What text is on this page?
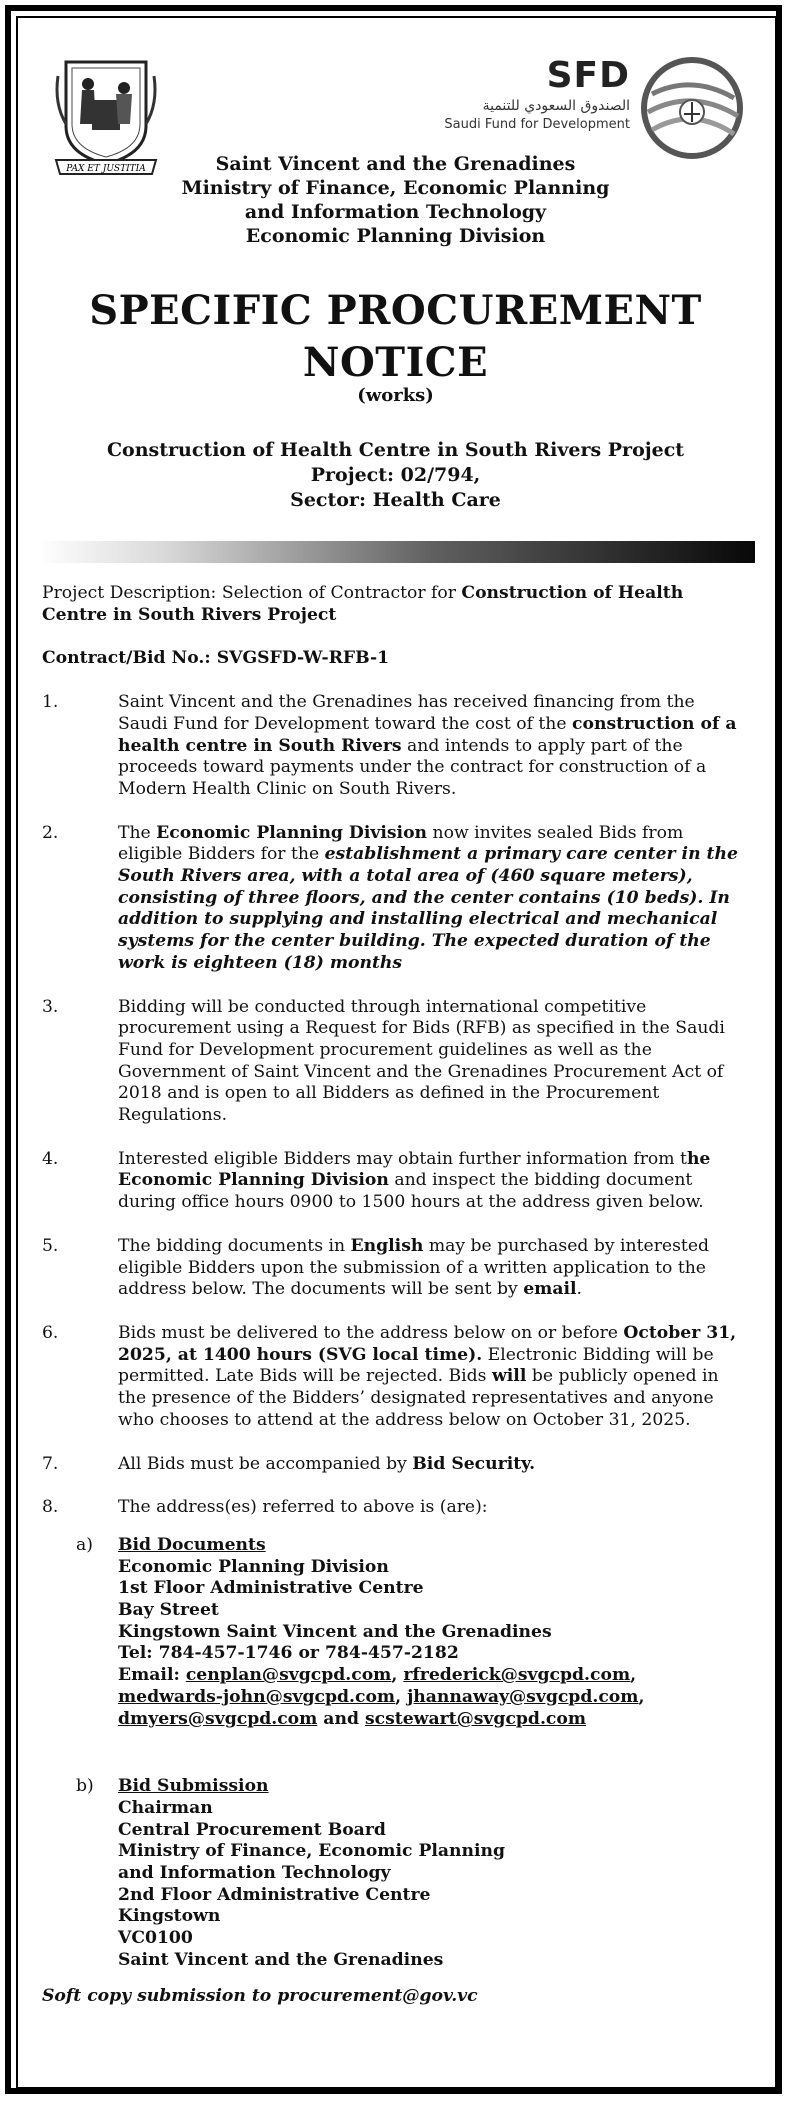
PAX ET JUSTITIA
SFD
الصندوق السعودي للتنمية
Saudi Fund for Development
Saint Vincent and the Grenadines
Ministry of Finance, Economic Planning
and Information Technology
Economic Planning Division
SPECIFIC PROCUREMENT
NOTICE
(works)
Construction of Health Centre in South Rivers Project
Project: 02/794,
Sector: Health Care

Project Description: Selection of Contractor for Construction of Health Centre in South Rivers Project

Contract/Bid No.: SVGSFD-W-RFB-1

1.	Saint Vincent and the Grenadines has received financing from the Saudi Fund for Development toward the cost of the construction of a health centre in South Rivers and intends to apply part of the proceeds toward payments under the contract for construction of a Modern Health Clinic on South Rivers.
2.	The Economic Planning Division now invites sealed Bids from eligible Bidders for the establishment a primary care center in the South Rivers area, with a total area of (460 square meters), consisting of three floors, and the center contains (10 beds). In addition to supplying and installing electrical and mechanical systems for the center building. The expected duration of the work is eighteen (18) months
3.	Bidding will be conducted through international competitive procurement using a Request for Bids (RFB) as specified in the Saudi Fund for Development procurement guidelines as well as the Government of Saint Vincent and the Grenadines Procurement Act of 2018 and is open to all Bidders as defined in the Procurement Regulations.
4.	Interested eligible Bidders may obtain further information from the Economic Planning Division and inspect the bidding document during office hours 0900 to 1500 hours at the address given below.
5.	The bidding documents in English may be purchased by interested eligible Bidders upon the submission of a written application to the address below. The documents will be sent by email.
6.	Bids must be delivered to the address below on or before October 31, 2025, at 1400 hours (SVG local time). Electronic Bidding will be permitted. Late Bids will be rejected. Bids will be publicly opened in the presence of the Bidders’ designated representatives and anyone who chooses to attend at the address below on October 31, 2025.
7.	All Bids must be accompanied by Bid Security.
8.	The address(es) referred to above is (are):
a) Bid Documents
Economic Planning Division
1st Floor Administrative Centre
Bay Street
Kingstown Saint Vincent and the Grenadines
Tel: 784-457-1746 or 784-457-2182
Email: cenplan@svgcpd.com, rfrederick@svgcpd.com, medwards-john@svgcpd.com, jhannaway@svgcpd.com, dmyers@svgcpd.com and scstewart@svgcpd.com
b) Bid Submission
Chairman
Central Procurement Board
Ministry of Finance, Economic Planning
and Information Technology
2nd Floor Administrative Centre
Kingstown
VC0100
Saint Vincent and the Grenadines

Soft copy submission to procurement@gov.vc
